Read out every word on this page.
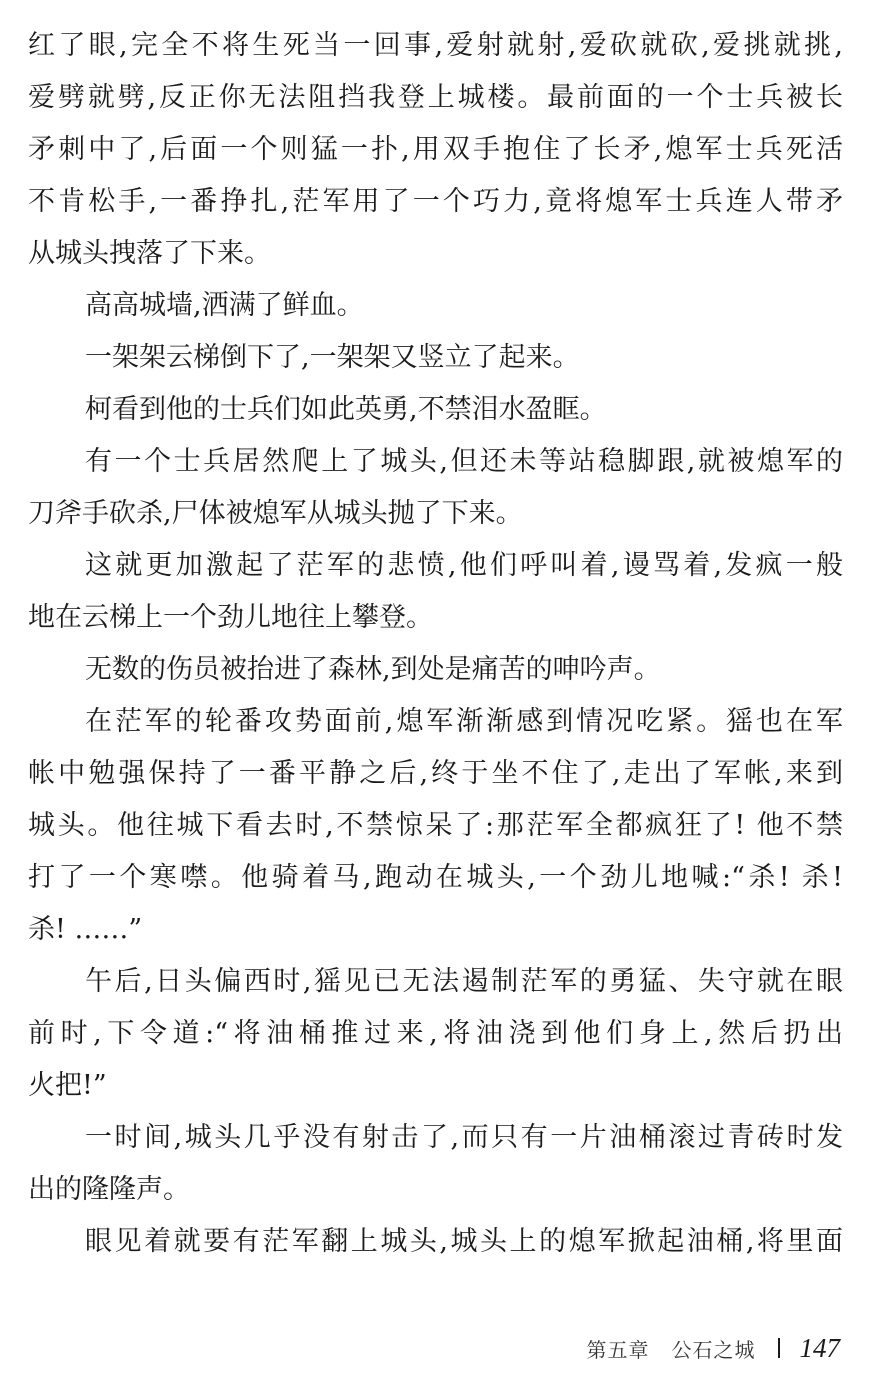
红了眼,完全不将生死当一回事,爱射就射,爱砍就砍,爱挑就挑,
爱劈就劈,反正你无法阻挡我登上城楼。最前面的一个士兵被长
矛刺中了,后面一个则猛一扑,用双手抱住了长矛,熄军士兵死活
不肯松手,一番挣扎,茫军用了一个巧力,竟将熄军士兵连人带矛
从城头拽落了下来。
高高城墙,洒满了鲜血。
一架架云梯倒下了,一架架又竖立了起来。
柯看到他的士兵们如此英勇,不禁泪水盈眶。
有一个士兵居然爬上了城头,但还未等站稳脚跟,就被熄军的
刀斧手砍杀,尸体被熄军从城头抛了下来。
这就更加激起了茫军的悲愤,他们呼叫着,谩骂着,发疯一般
地在云梯上一个劲儿地往上攀登。
无数的伤员被抬进了森林,到处是痛苦的呻吟声。
在茫军的轮番攻势面前,熄军渐渐感到情况吃紧。猺也在军
帐中勉强保持了一番平静之后,终于坐不住了,走出了军帐,来到
城头。他往城下看去时,不禁惊呆了:那茫军全都疯狂了! 他不禁
打了一个寒噤。他骑着马,跑动在城头,一个劲儿地喊:“杀! 杀!
杀! ……”
午后,日头偏西时,猺见已无法遏制茫军的勇猛、失守就在眼
前时,下令道:“将油桶推过来,将油浇到他们身上,然后扔出
火把!”
一时间,城头几乎没有射击了,而只有一片油桶滚过青砖时发
出的隆隆声。
眼见着就要有茫军翻上城头,城头上的熄军掀起油桶,将里面
第五章 公石之城 147
